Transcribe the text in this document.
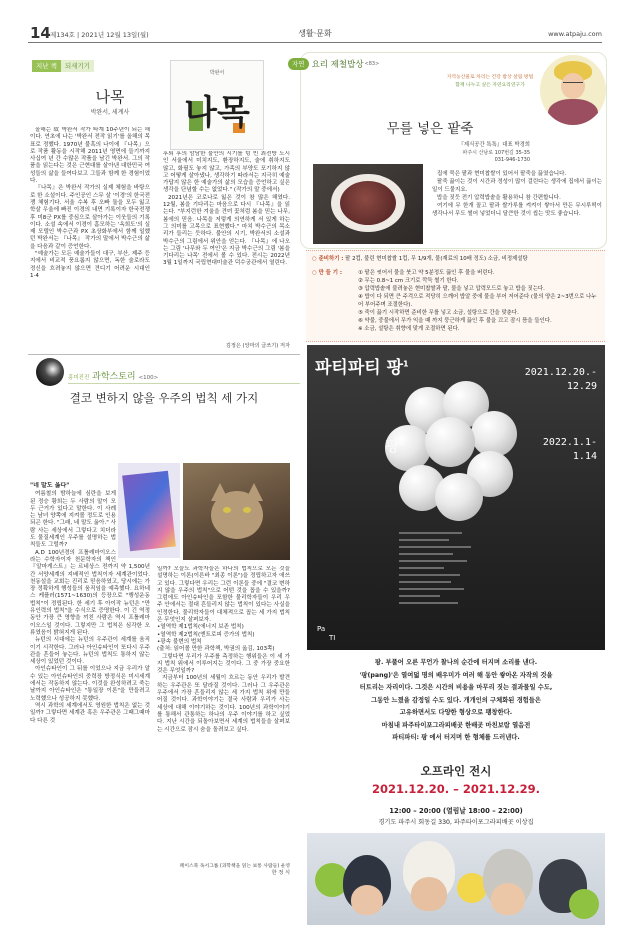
14 제134호 | 2021년 12월 13일(월)	생활·문화	www.atpaju.com
지난 책	되새기기
나목
박완서, 세계사
박완서
나목

올해는 故 박완서 작가 타계 10주년이 되는 해이다. 연초에 나는 '박완서 전작 읽기'를 올해의 목표로 정했다. 1970년 불혹의 나이에 『나목』으로 작품 활동을 시작해 2011년 영면에 들기까지 사십여 년 간 수많은 작품을 남긴 박완서. 그의 작품을 읽는다는 것은 근현대를 살아낸 대한민국 여성들의 삶을 들여다보고 그들과 함께 한 경험이었다.

『나목』은 박완서 작가의 실제 체험을 바탕으로 한 소설이다. 주인공인 스무 살 '이경'의 한국전쟁 체험기다. 서울 수복 후 오빠 둘을 모두 잃고 학살 우울에 빠진 이경의 내면 기록이자 한국전쟁 후 미8군 PX를 중심으로 살아가는 이웃들의 기록이다. 소설 속에서 이경이 흠모하는 '옥희도'의 실제 모델인 박수근과 PX 초상화부에서 함께 일했던 박완서는 『나목』 작가의 말에서 박수근의 삶을 다음과 같이 증언한다.

"예술가는 모든 예술가들이 대구, 부산, 제주 등지에서 비교적 풍요롭지 않으면, 독한 술로라도 정신을 흐려놓지 않으면 견디기 어려운 시대인 1·4

후퇴 후의 암담한 불안의 시기를 텅 빈 최전방 도시인 서울에서 미치지도, 환장하지도, 술에 취하지도 않고, 화필도 놓지 않고, 가족의 부양도 포기하지 않고 어떻게 살아냈나, 생각하기 따라서는 지극히 예술가답지 않은 한 예술가의 삶의 모습을 증언하고 싶은 생각을 단념할 수는 없었다." (작가의 말 중에서)

2021년은 코로나로 잃은 것이 참 많은 해였다. 12월, 봄을 기다리는 마음으로 다시 『나목』을 읽는다. "부지런한 겨울을 견뎌 꽃처럼 봄을 믿는 나무, 봄에의 믿음. 나목을 저렇게 의연하게 서 있게 하는 그 의미를 고목으로 표현했다." 마치 박수근의 목소리가 들리는 듯하다. 불안의 시기, 박완서의 소설과 박수근의 그림에서 위안을 얻는다. 『나목』에 나오는 그림 '나무와 두 여인'은 지금 박수근의 그림 '봄을 기다리는 나목' 전에서 볼 수 있다. 전시는 2022년 3월 1일까지 국립현대미술관 덕수궁관에서 열린다.

김정은 (앙마의 글쓰기) 저자
흥미진진 과학스토리 <100>
결코 변하지 않을 우주의 법칙 세 가지

"네 말도 옳다"

여름철의 밤하늘에 심란을 보게 된 정승 황희는 두 사람의 말이 모두 근거가 있다고 말한다. 이 사례는 남녀 양쪽에 지켜볼 정도로 인용되곤 한다. "그래, 네 말도 옳아." 사람 사는 세상에서 그렇다고 치더라도 물질세계인 우주를 설명하는 법칙들도 그럴까?

A.D 100년경의 프톨레마이오스라는 수학자이자 천문학자의 책인 『알마게스트』는 르네상스 전까지 약 1,500년간 서양세계의 지배적인 법칙이자 세계관이었다. 천동설을 교회는 진리로 믿음하였고, 당시에는 가장 정확하게 행성들의 움직임을 예측했다. 요하네스 케플러(1571~1630)의 등장으로 "행성운동법칙"이 정립된다. 한 세기 후 아이작 뉴턴은 "만유인력의 법칙"을 수식으로 증명한다. 이 긴 역정 동안 가장 큰 영향을 끼친 사람은 역시 프톨레마이오스일 것이다. 그렇지만 그 법칙은 심각한 오류였음이 밝혀지게 된다.

뉴턴의 시대에는 뉴턴의 우주관이 세계를 움직이기 시작한다. 그러나 아인슈타인이 또다시 우주관을 흔들어 놓는다. 뉴턴의 법칙도 통하지 않는 세상이 있었던 것이다.

아인슈타인이 그 뒤를 이었으나 지금 우리가 알 수 있는 아인슈타인의 중력장 방정식은 미시세계에서는 작동하지 않는다. 이것을 완성하려고 죽는 날까지 아인슈타인은 "통일장 이론"을 만들려고 노력했으나 성공하지 못했다.

역시 과학의 세계에서도 영원한 법칙은 없는 것일까? 그렇다면 세계관 혹은 우주관은 그때그때마다 다른 것

일까? 오늘도 과학자들은 하나의 법칙으로 모든 것을 설명하는 이론(이른바 "최종 이론")을 정립하고자 애쓰고 있다. 그렇다면 우리는 그런 이론들 중에 "결코 변하지 않을 우주의 법칙"으로 어떤 것을 꼽을 수 있을까? 그럼에도 아인슈타인을 포함한 물리학자들이 우리 우주 안에서는 절대 흔들리지 않는 법칙이 있다는 사실을 인정한다. 물리학자들이 대체적으로 꼽는 세 가지 법칙은 무엇인지 살펴보자.

•열역학 제1법칙(에너지 보존 법칙)

•열역학 제2법칙(엔트로피 증가의 법칙)

•광속 불변의 법칙

(출처: 읽어볼 만한 과학책, 박권의 옮김, 103쪽)

그렇다면 우리가 우주를 측정하는 행위들은 이 세 가지 법칙 위에서 이루어지는 것이다. 그 중 가장 중요한 것은 무엇일까?

지금부터 100년의 세월이 흐르는 동안 우리가 발견하는 우주관은 또 달라질 것이다. 그러나 그 우주관은 우주에서 가장 흔들리지 않는 세 가지 법칙 위에 만들어질 것이다. 과학이야기는 결국 사람과 우리가 사는 세상에 대해 이야기하는 것이다. 100년의 과학이야기를 통해서 관통하는 하나의 우주 이야기를 하고 싶었다. 지난 시간을 되돌아보면서 세계의 법칙들을 살펴보는 시간으로 잠시 숨을 돌려보고 싶다.

페이스북 독서그룹 (과학책을 읽는 보통 사람들) 운영
한 정 식
자연 요리 제철밥상 <83>
지역농산물로 차리는 건강 밥상 살림 방법
함께 나누고 싶은 자연요리연구가
무를 넣은 팥죽
『제식공간 톡톡』대표 박경희
파주시 산남로 107번길 35-35
031-946-1730

집에 묵은 팥과 현미찹쌀이 있어서 팥죽을 끓였습니다.

팥죽 끓이는 것이 시간과 정성이 많이 걸린다는 생각에 집에서 끓이는 일이 드물지요.

밥을 짓듯 전기 압력밥솥을 활용하니 참 간편합니다.

여기에 무 한개 꼴고 팥과 쌀가루를 켜켜이 쌓아서 만든 무시루떡이 생각나서 무도 썰어 넣었더니 달큰한 것이 씹는 맛도 좋습니다.

○ 준비하기 : 팥 2컵, 불린 현미찹쌀 1컵, 무 1/9개, 물(재료의 10배 정도) 소금, 비정제설탕
○ 만 들 기 :	① 팥은 씻어서 물을 붓고 약 5분정도 끓인 후 물을 버린다.
② 무는 0.8~1 cm 크기로 깍둑 썰기 한다.
③ 압력밥솥에 불려놓은 현미찹쌀과 팥, 물을 넣고 압력모드로 놓고 밥을 짓는다.
④ 밥이 다 되면 큰 주걱으로 적당히 으깨어 밥알 중에 물을 부어 저어준다 (물의 양은 2~3번으로 나누어 부어주며 조절한다).
⑤ 죽이 끓기 시작하면 준비한 무를 넣고 소금, 설탕으로 간을 맞춘다.
⑥ 약불, 중불에서 무가 익을 때 까지 뭉근하게 끓인 후 불을 끄고 잠시 뜸을 들인다.
※ 소금, 설탕은 취향에 맞게 조절하면 된다.
파티파티 팡$^1$
2021.12.20.-
12.29
팡$^2$	2022.1.1-
1.14
Pa
TI
팡. 부풀어 오른 무언가 찰나의 순간에 터지며 소리를 낸다.
'팡(pang)'은 열여덟 명의 배우미가 여러 해 동안 쌓아온 자작의 것을
터트리는 자리이다. 그것은 시간의 비용을 마무리 짓는 결과물일 수도,
그동안 느꼈을 감정일 수도 있다. 개개인의 구체화된 경험들은
고유하면서도 다양한 형상으로 팽창한다.
마침내 파주타이포그라피배곳 한배곳 마친보람 열음전
파티파티: 팡 에서 터지며 한 형체를 드러낸다.
오프라인 전시
2021.12.20. – 2021.12.29.
12:00 – 20:00 (열림날 18:00 – 22:00)
경기도 파주시 회동길 330, 파주타이포그라피배곳 이상집
